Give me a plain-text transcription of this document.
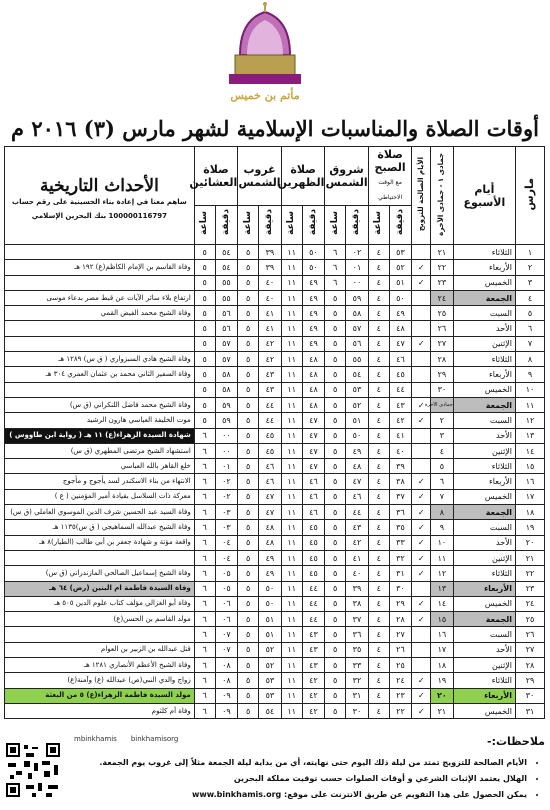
مأتم بن خميس
أوقات الصلاة والمناسبات الإسلامية لشهر مارس (٣) ٢٠١٦ م
مارس	أيام الأسبوع	جمادى ١ - جمادى الآخرة	الأيام الصالحة للتزويج	صلاة الصبح
مع الوقت الاحتياطي		شروق الشمس		صلاة الظهرين		غروب الشمس		صلاة العشائين		الأحداث التاريخية
ساهم معنا في إعادة بناء الحسينية على رقم حساب
100000116797 بنك البحرين الإسلامي

				دقيقة	ساعة	دقيقة	ساعة	دقيقة	ساعة	دقيقة	ساعة	دقيقة	ساعة	
١	الثلاثاء	٢١		٥٣	٤	٠٢	٦	٥٠	١١	٣٩	٥	٥٤	٥	
٢	الأربعاء	٢٢	✓	٥٢	٤	٠١	٦	٥٠	١١	٣٩	٥	٥٤	٥	وفاة القاسم بن الإمام الكاظم(ع) ١٩٢ هـ
٣	الخميس	٢٣	✓	٥١	٤	٠٠	٦	٤٩	١١	٤٠	٥	٥٥	٥	
٤	الجمعة	٢٤		٥٠	٤	٥٩	٥	٤٩	١١	٤٠	٥	٥٥	٥	ارتفاع بلاء سائر الآيات عن قبط مصر بدعاء موسى
٥	السبت	٢٥		٤٩	٤	٥٨	٥	٤٩	١١	٤١	٥	٥٦	٥	وفاة الشيخ محمد الفيض القمي
٦	الأحد	٢٦		٤٨	٤	٥٧	٥	٤٩	١١	٤١	٥	٥٦	٥	
٧	الإثنين	٢٧	✓	٤٧	٤	٥٦	٥	٤٩	١١	٤٢	٥	٥٧	٥	
٨	الثلاثاء	٢٨		٤٦	٤	٥٥	٥	٤٨	١١	٤٢	٥	٥٧	٥	وفاة الشيخ هادي السبزواري ( ق س) ١٢٨٩ هـ
٩	الأربعاء	٢٩		٤٥	٤	٥٤	٥	٤٨	١١	٤٣	٥	٥٨	٥	وفاة السفير الثاني محمد بن عثمان العمري ٣٠٤ هـ
١٠	الخميس	٣٠		٤٤	٤	٥٣	٥	٤٨	١١	٤٣	٥	٥٨	٥	
١١	الجمعة	جمادى الآخرة	✓	٤٣	٤	٥٢	٥	٤٨	١١	٤٤	٥	٥٩	٥	وفاة الشيخ محمد فاضل اللنكراني (ق س)
١٢	السبت	٢	✓	٤٢	٤	٥١	٥	٤٧	١١	٤٤	٥	٥٩	٥	موت الخليفة العباسي هارون الرشيد
١٣	الأحد	٣		٤١	٤	٥٠	٥	٤٧	١١	٤٥	٥	٠٠	٦	شهادة السيدة الزهراء(ع) ١١ هـ ( رواية ابن طاووس )
١٤	الإثنين	٤		٤٠	٤	٤٩	٥	٤٧	١١	٤٥	٥	٠٠	٦	استشهاد الشيخ مرتضى المطهري (ق س)
١٥	الثلاثاء	٥		٣٩	٤	٤٨	٥	٤٧	١١	٤٦	٥	٠١	٦	خلع القاهر بالله العباسي
١٦	الأربعاء	٦	✓	٣٨	٤	٤٧	٥	٤٦	١١	٤٦	٥	٠٢	٦	الانتهاء من بناء الاسكندر لسد يأجوج و مأجوج
١٧	الخميس	٧	✓	٣٧	٤	٤٦	٥	٤٦	١١	٤٧	٥	٠٢	٦	معركة ذات السلاسل بقيادة أمير المؤمنين ( ع )
١٨	الجمعة	٨	✓	٣٦	٤	٤٤	٥	٤٦	١١	٤٧	٥	٠٣	٦	وفاة السيد عبد الحسين شرف الدين الموسوي العاملي (ق س)
١٩	السبت	٩	✓	٣٥	٤	٤٣	٥	٤٥	١١	٤٨	٥	٠٣	٦	وفاة الشيخ عبدالله السماهيجي ( ق س)١١٣٥ هـ
٢٠	الأحد	١٠	✓	٣٣	٤	٤٢	٥	٤٥	١١	٤٨	٥	٠٤	٦	واقعة مؤتة و شهادة جعفر بن أبي طالب (الطيار)٨ هـ
٢١	الإثنين	١١	✓	٣٢	٤	٤١	٥	٤٥	١١	٤٩	٥	٠٤	٦	
٢٢	الثلاثاء	١٢	✓	٣١	٤	٤٠	٥	٤٥	١١	٤٩	٥	٠٥	٦	وفاة الشيخ إسماعيل الصالحي المازندراني (ق س)
٢٣	الأربعاء	١٣		٣٠	٤	٣٩	٥	٤٤	١١	٥٠	٥	٠٥	٦	وفاة السيدة فاطمة ام البنين (رض) ٦٤ هـ
٢٤	الخميس	١٤	✓	٢٩	٤	٣٨	٥	٤٤	١١	٥٠	٥	٠٦	٦	وفاة أبو الغزالي مؤلف كتاب علوم الدين ٥٠٥ هـ
٢٥	الجمعة	١٥	✓	٢٨	٤	٣٧	٥	٤٤	١١	٥١	٥	٠٦	٦	مولد القاسم بن الحسن(ع)
٢٦	السبت	١٦		٢٧	٤	٣٦	٥	٤٣	١١	٥١	٥	٠٧	٦	
٢٧	الأحد	١٧		٢٦	٤	٣٥	٥	٤٣	١١	٥٢	٥	٠٧	٦	قتل عبدالله بن الزبير بن العوام
٢٨	الإثنين	١٨		٢٥	٤	٣٣	٥	٤٣	١١	٥٢	٥	٠٨	٦	وفاة الشيخ الأعظم الأنصاري ١٢٨١ هـ
٢٩	الثلاثاء	١٩	✓	٢٤	٤	٣٢	٥	٤٢	١١	٥٣	٥	٠٨	٦	زواج والدي النبي(ص) عبدالله (ع) وآمنة(ع)
٣٠	الأربعاء	٢٠	✓	٢٣	٤	٣١	٥	٤٢	١١	٥٣	٥	٠٩	٦	مولد السيدة فاطمة الزهراء(ع) ٥ من البعثة
٣١	الخميس	٢١	✓	٢٢	٤	٣٠	٥	٤٢	١١	٥٤	٥	٠٩	٦	وفاة أم كلثوم
ملاحظات:-
mbinkhamis binkhamisorg
• الأيام الصالحة للتزويج تمتد من ليلة ذلك اليوم حتى نهايته، أي من بداية ليلة الجمعة مثلاً إلى غروب يوم الجمعة.
• الهلال يعتمد الإثبات الشرعي و أوقات الصلوات حسب توقيت مملكة البحرين
• يمكن الحصول على هذا التقويم عن طريق الانترنت على موقع: www.binkhamis.org
